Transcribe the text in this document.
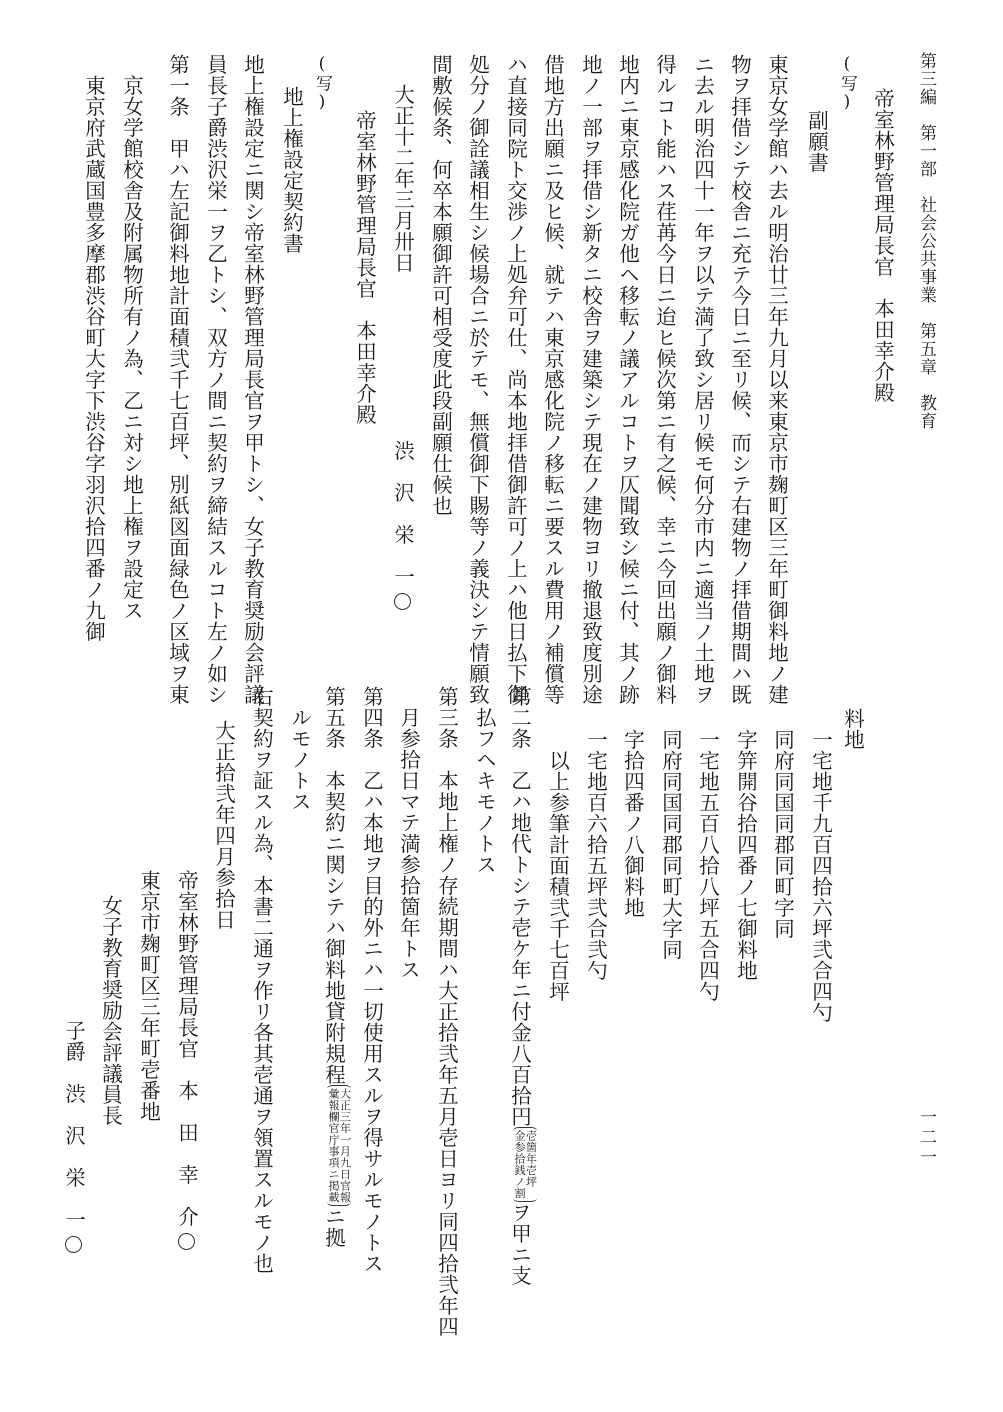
第三編　第一部　社会公共事業　第五章　教育
一二一
(写)
帝室林野管理局長官　本田幸介殿
副願書
東京女学館ハ去ル明治廿三年九月以来東京市麹町区三年町御料地ノ建
物ヲ拝借シテ校舎ニ充テ今日ニ至リ候、而シテ右建物ノ拝借期間ハ既
ニ去ル明治四十一年ヲ以テ満了致シ居リ候モ何分市内ニ適当ノ土地ヲ
得ルコト能ハス荏苒今日ニ迨ヒ候次第ニ有之候、幸ニ今回出願ノ御料
地内ニ東京感化院ガ他ヘ移転ノ議アルコトヲ仄聞致シ候ニ付、其ノ跡
地ノ一部ヲ拝借シ新タニ校舎ヲ建築シテ現在ノ建物ヨリ撤退致度別途
借地方出願ニ及ヒ候、就テハ東京感化院ノ移転ニ要スル費用ノ補償等
ハ直接同院ト交渉ノ上処弁可仕、尚本地拝借御許可ノ上ハ他日払下御
処分ノ御詮議相生シ候場合ニ於テモ、無償御下賜等ノ義決シテ情願致
間敷候条、何卒本願御許可相受度此段副願仕候也
大正十二年三月卅日
渋　沢　栄　一
帝室林野管理局長官　本田幸介殿
(写)
地上権設定契約書
地上権設定ニ関シ帝室林野管理局長官ヲ甲トシ、女子教育奨励会評議
員長子爵渋沢栄一ヲ乙トシ、双方ノ間ニ契約ヲ締結スルコト左ノ如シ
第一条　甲ハ左記御料地計面積弐千七百坪、別紙図面緑色ノ区域ヲ東
　京女学館校舎及附属物所有ノ為、乙ニ対シ地上権ヲ設定ス
　東京府武蔵国豊多摩郡渋谷町大字下渋谷字羽沢拾四番ノ九御
料地
　一宅地千九百四拾六坪弐合四勺
　同府同国同郡同町字同
　字笄開谷拾四番ノ七御料地
　一宅地五百八拾八坪五合四勺
　同府同国同郡同町大字同
　字拾四番ノ八御料地
　一宅地百六拾五坪弐合弐勺
　　以上参筆計面積弐千七百坪
第二条　乙ハ地代トシテ壱ケ年ニ付金八百拾円
壱箇年壱坪
金参拾銭ノ割
ヲ甲ニ支
　払フヘキモノトス
第三条　本地上権ノ存続期間ハ大正拾弐年五月壱日ヨリ同四拾弐年四
　月参拾日マテ満参拾箇年トス
第四条　乙ハ本地ヲ目的外ニハ一切使用スルヲ得サルモノトス
第五条　本契約ニ関シテハ御料地貸附規程
大正三年一月九日官報
彙報欄官庁事項ニ掲載
ニ拠
　ルモノトス
右契約ヲ証スル為、本書二通ヲ作リ各其壱通ヲ領置スルモノ也
大正拾弐年四月参拾日
帝室林野管理局長官　本　田　幸　介
東京市麹町区三年町壱番地
女子教育奨励会評議員長
子爵　渋　沢　栄　一
